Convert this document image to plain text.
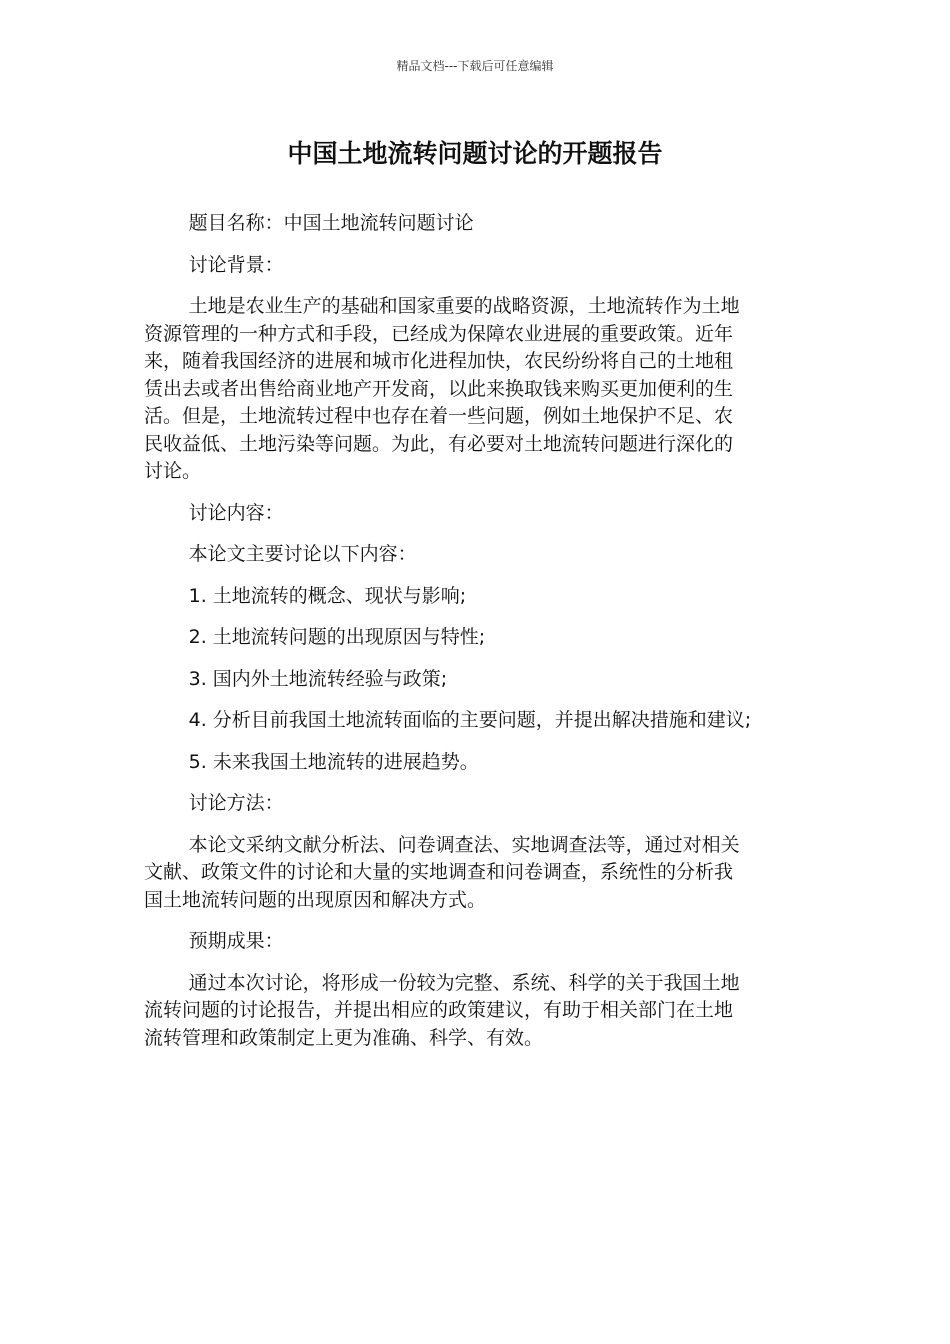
精品文档---下载后可任意编辑
中国土地流转问题讨论的开题报告
题目名称：中国土地流转问题讨论
讨论背景：
土地是农业生产的基础和国家重要的战略资源，土地流转作为土地
资源管理的一种方式和手段，已经成为保障农业进展的重要政策。近年
来，随着我国经济的进展和城市化进程加快，农民纷纷将自己的土地租
赁出去或者出售给商业地产开发商，以此来换取钱来购买更加便利的生
活。但是，土地流转过程中也存在着一些问题，例如土地保护不足、农
民收益低、土地污染等问题。为此，有必要对土地流转问题进行深化的
讨论。
讨论内容：
本论文主要讨论以下内容：
1. 土地流转的概念、现状与影响;
2. 土地流转问题的出现原因与特性;
3. 国内外土地流转经验与政策;
4. 分析目前我国土地流转面临的主要问题，并提出解决措施和建议;
5. 未来我国土地流转的进展趋势。
讨论方法：
本论文采纳文献分析法、问卷调查法、实地调查法等，通过对相关
文献、政策文件的讨论和大量的实地调查和问卷调查，系统性的分析我
国土地流转问题的出现原因和解决方式。
预期成果：
通过本次讨论，将形成一份较为完整、系统、科学的关于我国土地
流转问题的讨论报告，并提出相应的政策建议，有助于相关部门在土地
流转管理和政策制定上更为准确、科学、有效。
